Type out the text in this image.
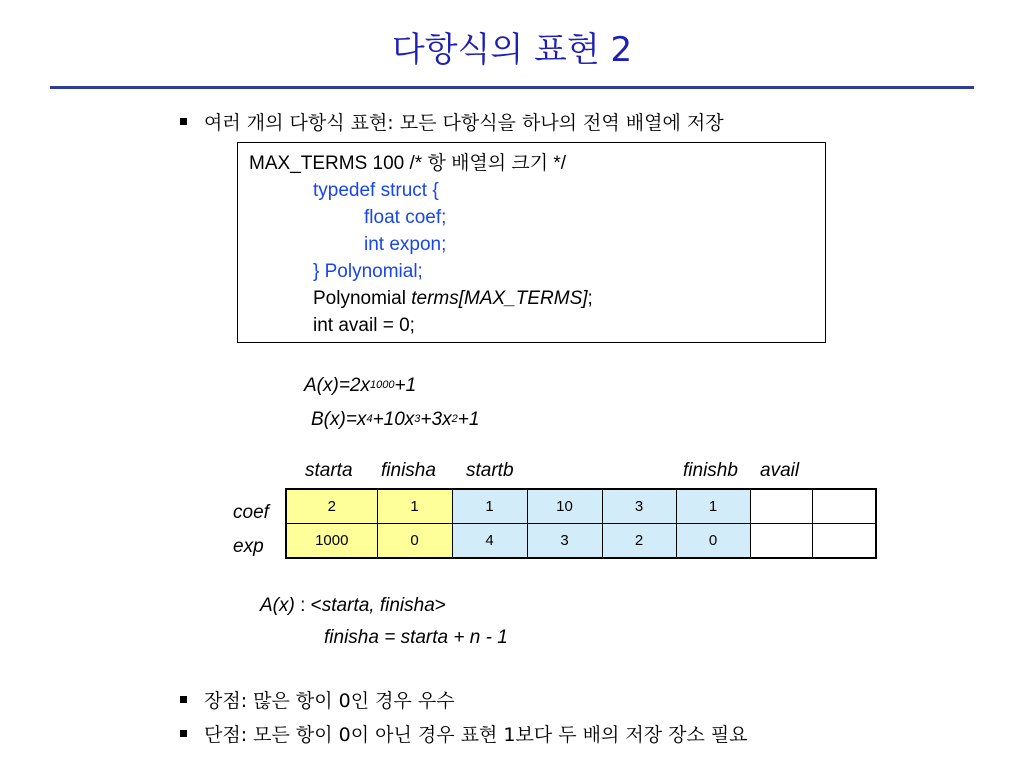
다항식의 표현 2
여러 개의 다항식 표현: 모든 다항식을 하나의 전역 배열에 저장
MAX_TERMS 100 /* 항 배열의 크기 */
typedef struct {
float coef;
int expon;
} Polynomial;
Polynomial terms[MAX_TERMS];
int avail = 0;
$A(x)=2x^{1000}+1$
$B(x)=x^4+10x^3+3x^2+1$
starta finisha startb	finishb avail
coef
exp
2	1	1	10	3	1		
1000	0	4	3	2	0		
A(x) : <starta, finisha>
finisha = starta + n - 1
장점: 많은 항이 0인 경우 우수
단점: 모든 항이 0이 아닌 경우 표현 1보다 두 배의 저장 장소 필요
